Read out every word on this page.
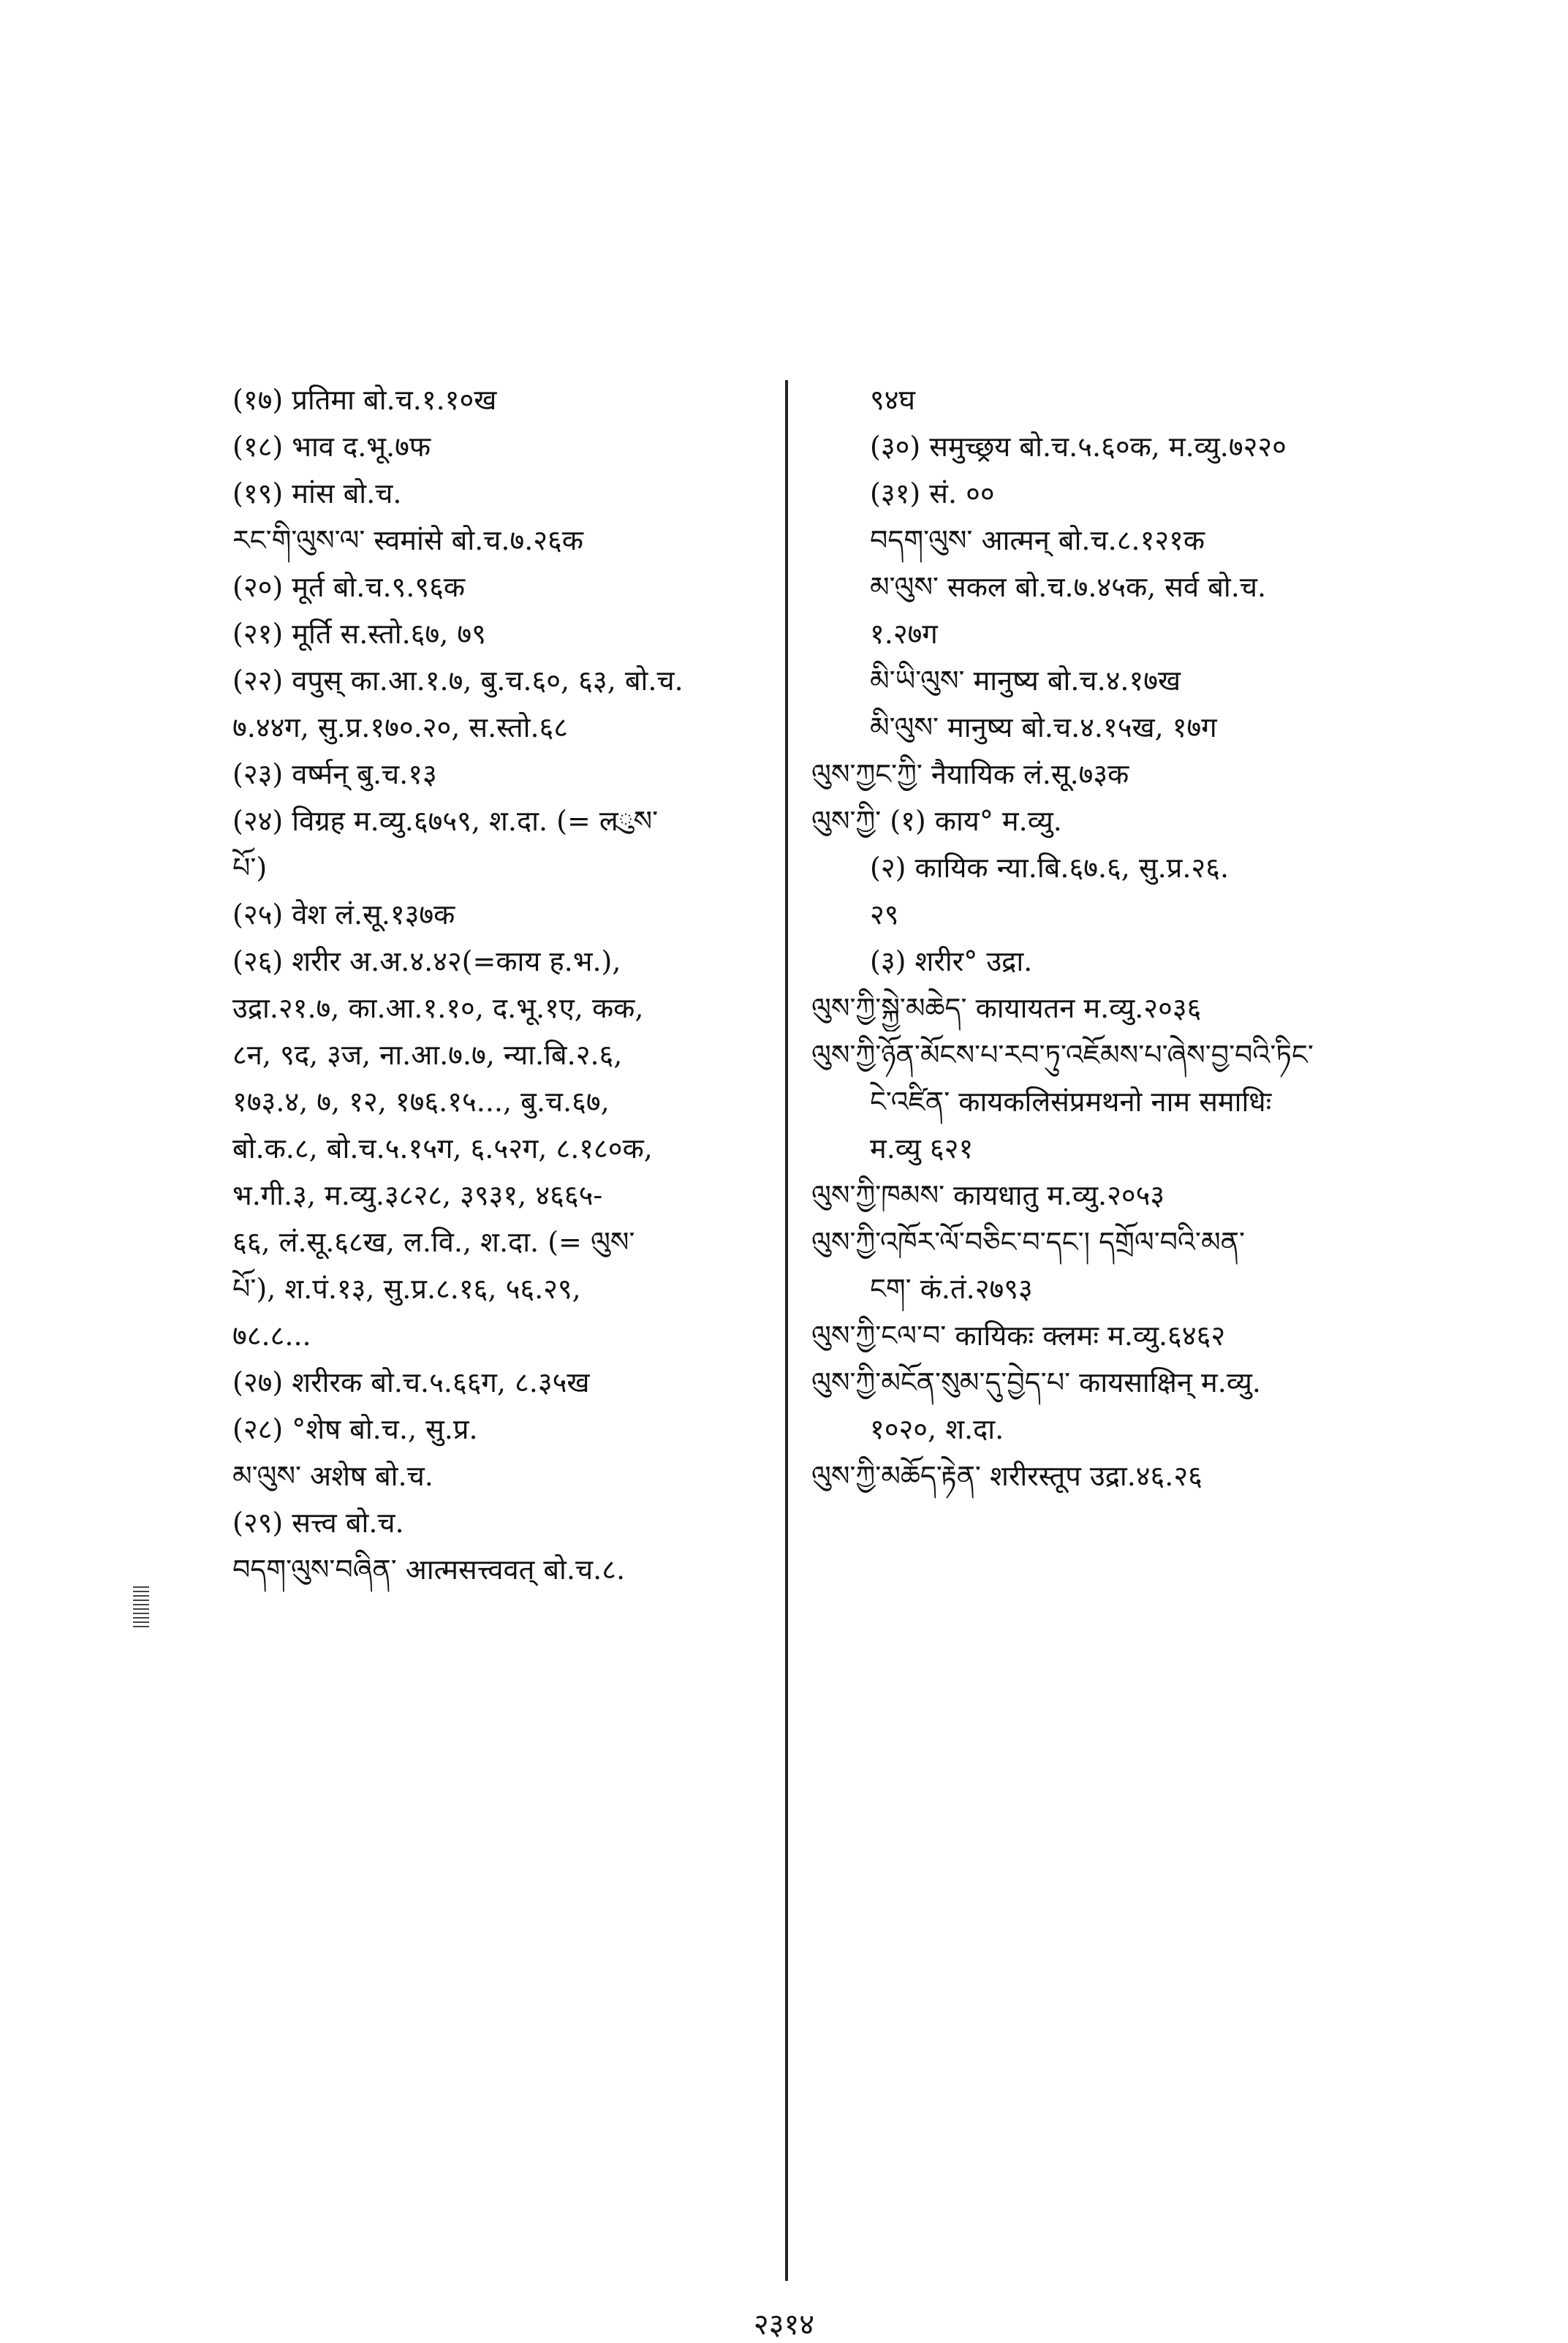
(१७) प्रतिमा बो.च.१.१०ख
(१८) भाव द.भू.७फ
(१९) मांस बो.च.
རང་གི་ལུས་ལ་ स्वमांसे बो.च.७.२६क
(२०) मूर्त बो.च.९.९६क
(२१) मूर्ति स.स्तो.६७, ७९
(२२) वपुस् का.आ.१.७, बु.च.६०, ६३, बो.च.
७.४४ग, सु.प्र.१७०.२०, स.स्तो.६८
(२३) वर्ष्मन् बु.च.१३
(२४) विग्रह म.व्यु.६७५९, श.दा. (= लུས་
པོ་)
(२५) वेश लं.सू.१३७क
(२६) शरीर अ.अ.४.४२(=काय ह.भ.),
उद्रा.२१.७, का.आ.१.१०, द.भू.१ए, कक,
८न, ९द, ३ज, ना.आ.७.७, न्या.बि.२.६,
१७३.४, ७, १२, १७६.१५..., बु.च.६७,
बो.क.८, बो.च.५.१५ग, ६.५२ग, ८.१८०क,
भ.गी.३, म.व्यु.३८२८, ३९३१, ४६६५-
६६, लं.सू.६८ख, ल.वि., श.दा. (= ལུས་
པོ་), श.पं.१३, सु.प्र.८.१६, ५६.२९,
७८.८...
(२७) शरीरक बो.च.५.६६ग, ८.३५ख
(२८) °शेष बो.च., सु.प्र.
མ་ལུས་ अशेष बो.च.
(२९) सत्त्व बो.च.
བདག་ལུས་བཞིན་ आत्मसत्त्ववत् बो.च.८.
९४घ
(३०) समुच्छ्रय बो.च.५.६०क, म.व्यु.७२२०
(३१) सं. ००
བདག་ལུས་ आत्मन् बो.च.८.१२१क
མ་ལུས་ सकल बो.च.७.४५क, सर्व बो.च.
१.२७ग
མི་ཡི་ལུས་ मानुष्य बो.च.४.१७ख
མི་ལུས་ मानुष्य बो.च.४.१५ख, १७ग
ལུས་ཀྱང་ཀྱི་ नैयायिक लं.सू.७३क
ལུས་ཀྱི་ (१) काय° म.व्यु.
(२) कायिक न्या.बि.६७.६, सु.प्र.२६.
२९
(३) शरीर° उद्रा.
ལུས་ཀྱི་སྐྱེ་མཆེད་ कायायतन म.व्यु.२०३६
ལུས་ཀྱི་ཉོན་མོངས་པ་རབ་ཏུ་འཇོམས་པ་ཞེས་བྱ་བའི་ཏིང་
ངེ་འཛིན་ कायकलिसंप्रमथनो नाम समाधिः
म.व्यु ६२१
ལུས་ཀྱི་ཁམས་ कायधातु म.व्यु.२०५३
ལུས་ཀྱི་འཁོར་ལོ་བཅིང་བ་དང་། དགྲོལ་བའི་མན་
ངག་ कं.तं.२७९३
ལུས་ཀྱི་ངལ་བ་ कायिकः क्लमः म.व्यु.६४६२
ལུས་ཀྱི་མངོན་སུམ་དུ་བྱེད་པ་ कायसाक्षिन् म.व्यु.
१०२०, श.दा.
ལུས་ཀྱི་མཆོད་རྟེན་ शरीरस्तूप उद्रा.४६.२६
२३१४
